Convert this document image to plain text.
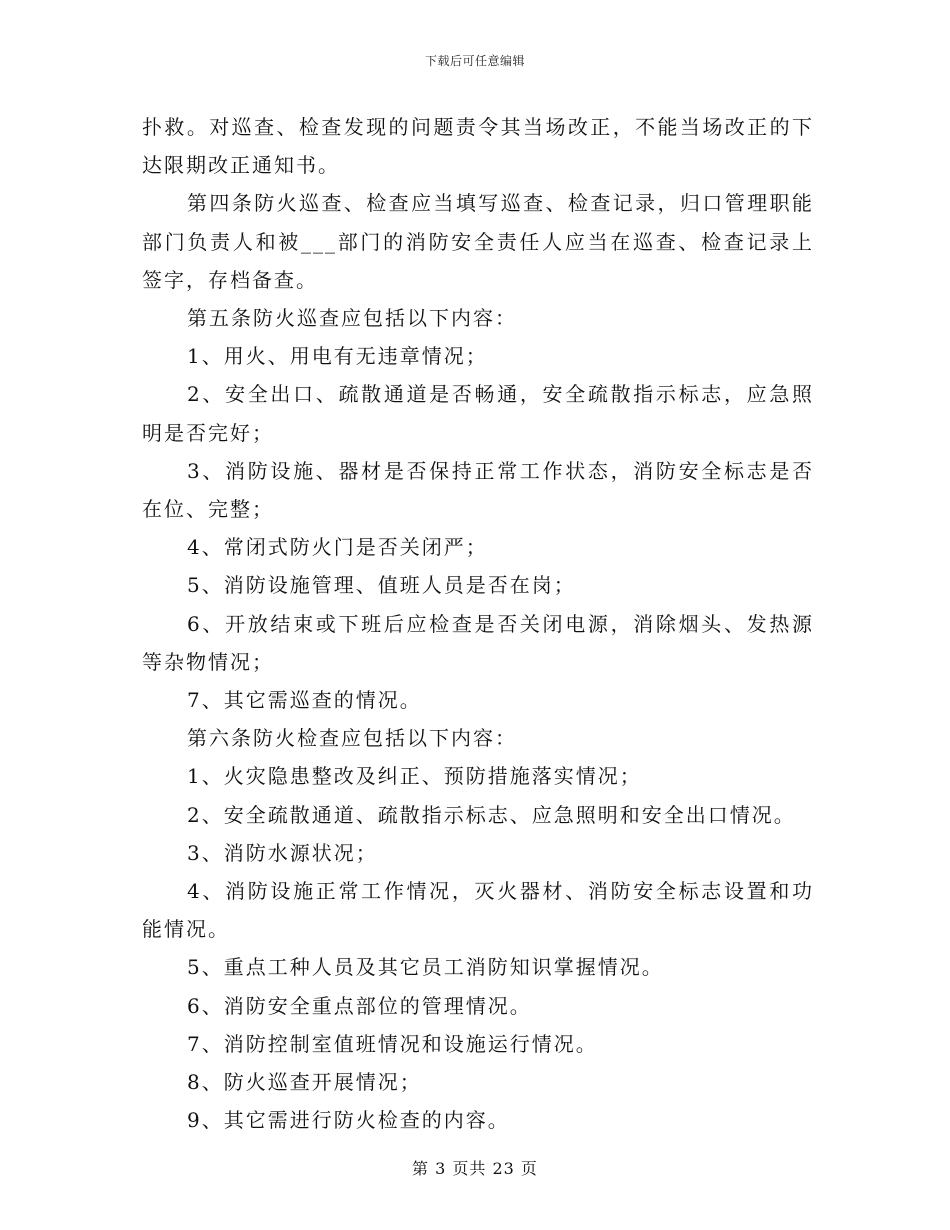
下载后可任意编辑

扑救。对巡查、检查发现的问题责令其当场改正，不能当场改正的下达限期改正通知书。

第四条防火巡查、检查应当填写巡查、检查记录，归口管理职能部门负责人和被___部门的消防安全责任人应当在巡查、检查记录上签字，存档备查。

第五条防火巡查应包括以下内容：

1、用火、用电有无违章情况；

2、安全出口、疏散通道是否畅通，安全疏散指示标志，应急照明是否完好；

3、消防设施、器材是否保持正常工作状态，消防安全标志是否在位、完整；

4、常闭式防火门是否关闭严；

5、消防设施管理、值班人员是否在岗；

6、开放结束或下班后应检查是否关闭电源，消除烟头、发热源等杂物情况；

7、其它需巡查的情况。

第六条防火检查应包括以下内容：

1、火灾隐患整改及纠正、预防措施落实情况；

2、安全疏散通道、疏散指示标志、应急照明和安全出口情况。

3、消防水源状况；

4、消防设施正常工作情况，灭火器材、消防安全标志设置和功能情况。

5、重点工种人员及其它员工消防知识掌握情况。

6、消防安全重点部位的管理情况。

7、消防控制室值班情况和设施运行情况。

8、防火巡查开展情况；

9、其它需进行防火检查的内容。

第 3 页共 23 页
